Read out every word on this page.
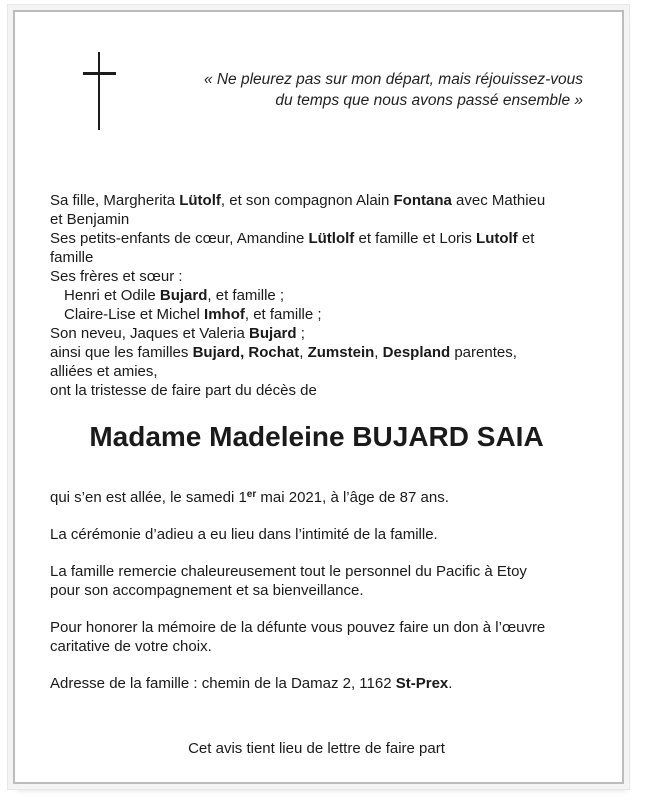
« Ne pleurez pas sur mon départ, mais réjouissez-vous
du temps que nous avons passé ensemble »
Sa fille, Margherita Lütolf, et son compagnon Alain Fontana avec Mathieu
et Benjamin
Ses petits-enfants de cœur, Amandine Lütlolf et famille et Loris Lutolf et
famille
Ses frères et sœur :
Henri et Odile Bujard, et famille ;
Claire-Lise et Michel Imhof, et famille ;
Son neveu, Jaques et Valeria Bujard ;
ainsi que les familles Bujard, Rochat, Zumstein, Despland parentes,
alliées et amies,
ont la tristesse de faire part du décès de
Madame Madeleine BUJARD SAIA

qui s’en est allée, le samedi 1er mai 2021, à l’âge de 87 ans.

La cérémonie d’adieu a eu lieu dans l’intimité de la famille.

La famille remercie chaleureusement tout le personnel du Pacific à Etoy
pour son accompagnement et sa bienveillance.

Pour honorer la mémoire de la défunte vous pouvez faire un don à l’œuvre
caritative de votre choix.

Adresse de la famille : chemin de la Damaz 2, 1162 St-Prex.

Cet avis tient lieu de lettre de faire part
